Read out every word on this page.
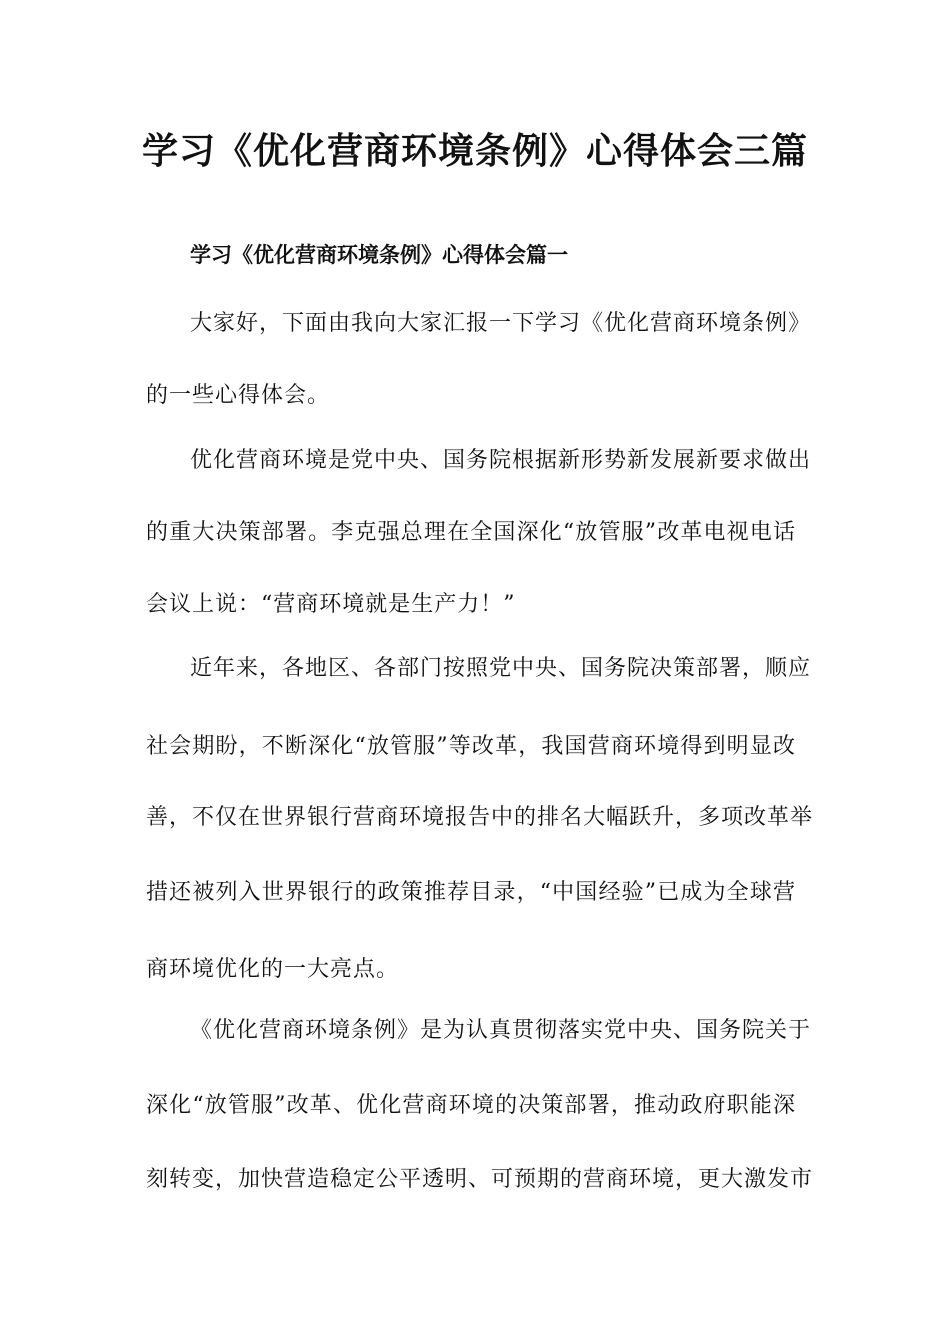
学习《优化营商环境条例》心得体会三篇
学习《优化营商环境条例》心得体会篇一
大家好，下面由我向大家汇报一下学习《优化营商环境条例》
的一些心得体会。
优化营商环境是党中央、国务院根据新形势新发展新要求做出
的重大决策部署。李克强总理在全国深化“放管服”改革电视电话
会议上说：“营商环境就是生产力！”
近年来，各地区、各部门按照党中央、国务院决策部署，顺应
社会期盼，不断深化“放管服”等改革，我国营商环境得到明显改
善，不仅在世界银行营商环境报告中的排名大幅跃升，多项改革举
措还被列入世界银行的政策推荐目录，“中国经验”已成为全球营
商环境优化的一大亮点。
《优化营商环境条例》是为认真贯彻落实党中央、国务院关于
深化“放管服”改革、优化营商环境的决策部署，推动政府职能深
刻转变，加快营造稳定公平透明、可预期的营商环境，更大激发市
